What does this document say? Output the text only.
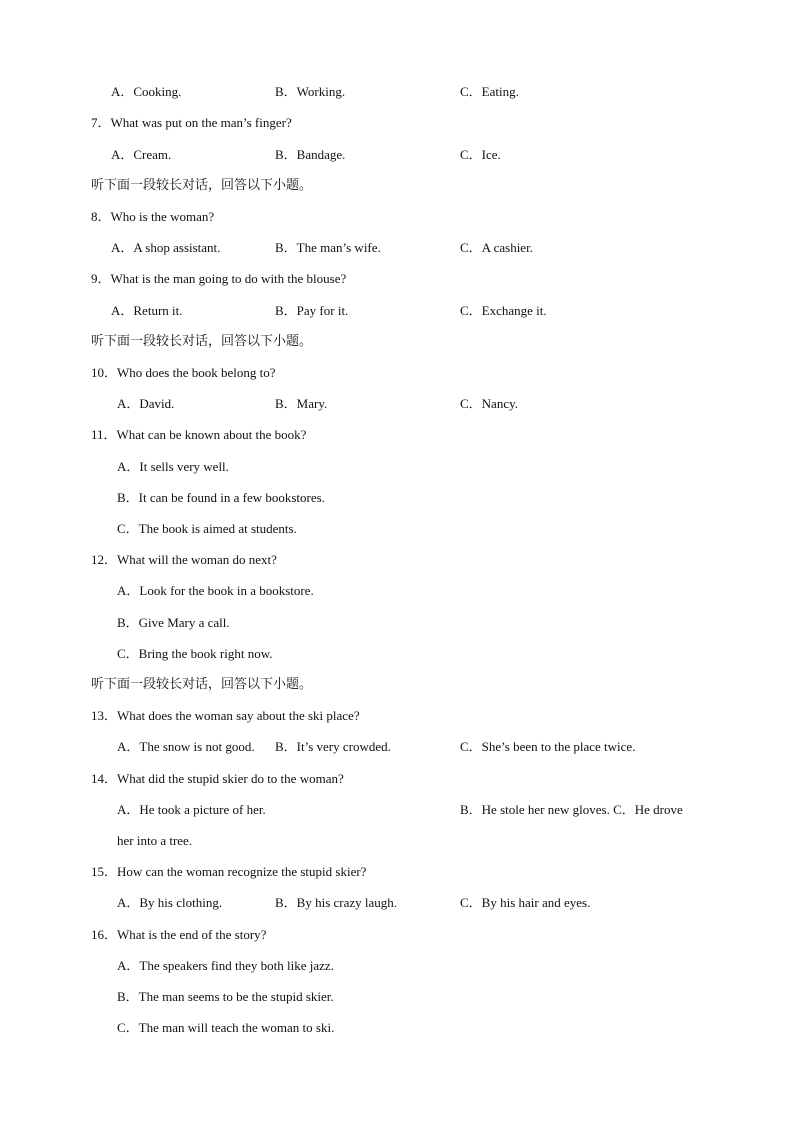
A．Cooking.	B．Working.	C．Eating.
7．What was put on the man’s finger?
A．Cream.	B．Bandage.	C．Ice.
听下面一段较长对话，回答以下小题。
8．Who is the woman?
A．A shop assistant.	B．The man’s wife.	C．A cashier.
9．What is the man going to do with the blouse?
A．Return it.	B．Pay for it.	C．Exchange it.
听下面一段较长对话，回答以下小题。
10．Who does the book belong to?
A．David.	B．Mary.	C．Nancy.
11．What can be known about the book?
A．It sells very well.
B．It can be found in a few bookstores.
C．The book is aimed at students.
12．What will the woman do next?
A．Look for the book in a bookstore.
B．Give Mary a call.
C．Bring the book right now.
听下面一段较长对话，回答以下小题。
13．What does the woman say about the ski place?
A．The snow is not good. B．It’s very crowded.	C．She’s been to the place twice.
14．What did the stupid skier do to the woman?
A．He took a picture of her.	B．He stole her new gloves. C．He drove
her into a tree.
15．How can the woman recognize the stupid skier?
A．By his clothing.	B．By his crazy laugh.	C．By his hair and eyes.
16．What is the end of the story?
A．The speakers find they both like jazz.
B．The man seems to be the stupid skier.
C．The man will teach the woman to ski.
